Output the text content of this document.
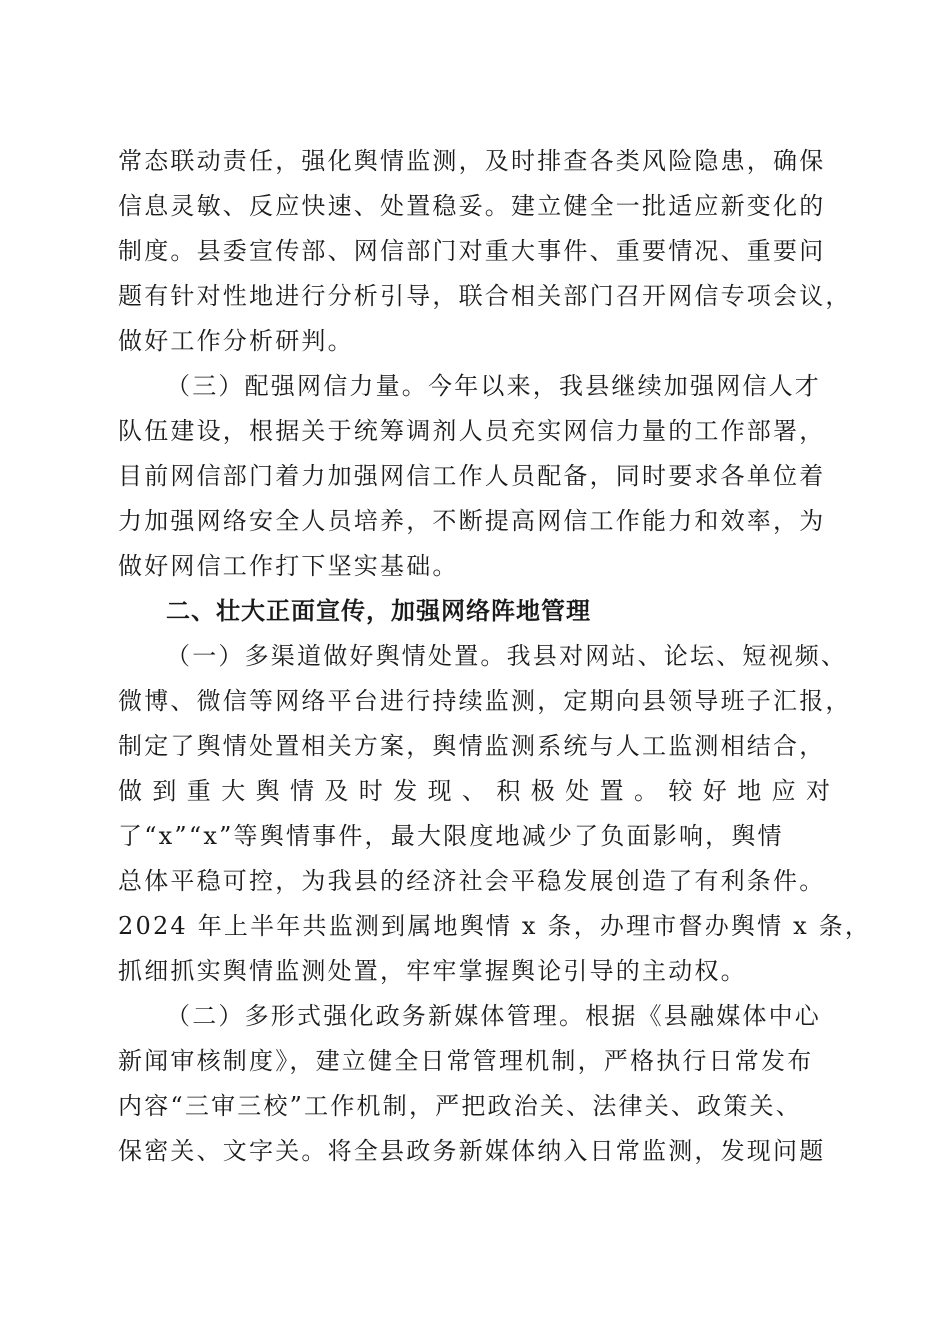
常态联动责任，强化舆情监测，及时排查各类风险隐患，确保
信息灵敏、反应快速、处置稳妥。建立健全一批适应新变化的
制度。县委宣传部、网信部门对重大事件、重要情况、重要问
题有针对性地进行分析引导，联合相关部门召开网信专项会议，
做好工作分析研判。
（三）配强网信力量。今年以来，我县继续加强网信人才
队伍建设，根据关于统筹调剂人员充实网信力量的工作部署，
目前网信部门着力加强网信工作人员配备，同时要求各单位着
力加强网络安全人员培养，不断提高网信工作能力和效率，为
做好网信工作打下坚实基础。
二、壮大正面宣传，加强网络阵地管理
（一）多渠道做好舆情处置。我县对网站、论坛、短视频、
微博、微信等网络平台进行持续监测，定期向县领导班子汇报，
制定了舆情处置相关方案，舆情监测系统与人工监测相结合，
做到重大舆情及时发现、积极处置。较好地应对
了“x”“x”等舆情事件，最大限度地减少了负面影响，舆情
总体平稳可控，为我县的经济社会平稳发展创造了有利条件。
2024 年上半年共监测到属地舆情 x 条，办理市督办舆情 x 条，
抓细抓实舆情监测处置，牢牢掌握舆论引导的主动权。
（二）多形式强化政务新媒体管理。根据《县融媒体中心
新闻审核制度》，建立健全日常管理机制，严格执行日常发布
内容“三审三校”工作机制，严把政治关、法律关、政策关、
保密关、文字关。将全县政务新媒体纳入日常监测，发现问题
